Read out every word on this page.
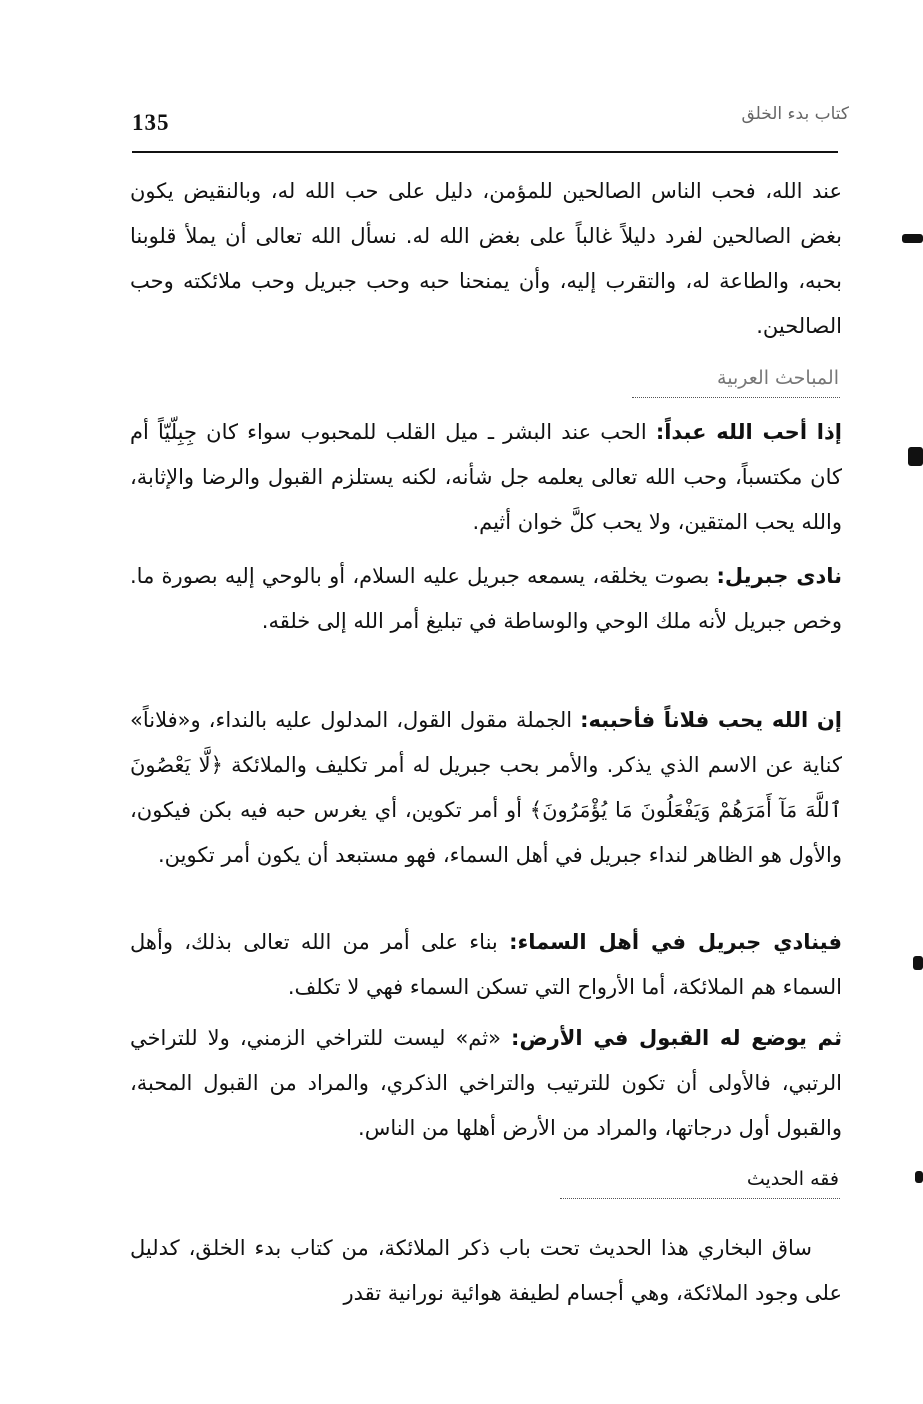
135	كتاب بدء الخلق
عند الله، فحب الناس الصالحين للمؤمن، دليل على حب الله له، وبالنقيض يكون بغض الصالحين لفرد دليلاً غالباً على بغض الله له. نسأل الله تعالى أن يملأ قلوبنا بحبه، والطاعة له، والتقرب إليه، وأن يمنحنا حبه وحب جبريل وحب ملائكته وحب الصالحين.
المباحث العربية
إذا أحب الله عبداً: الحب عند البشر ـ ميل القلب للمحبوب سواء كان جِبِلّيّاً أم كان مكتسباً، وحب الله تعالى يعلمه جل شأنه، لكنه يستلزم القبول والرضا والإثابة، والله يحب المتقين، ولا يحب كلَّ خوان أثيم.
نادى جبريل: بصوت يخلقه، يسمعه جبريل عليه السلام، أو بالوحي إليه بصورة ما. وخص جبريل لأنه ملك الوحي والوساطة في تبليغ أمر الله إلى خلقه.
إن الله يحب فلاناً فأحببه: الجملة مقول القول، المدلول عليه بالنداء، و«فلاناً» كناية عن الاسم الذي يذكر. والأمر بحب جبريل له أمر تكليف والملائكة ﴿لَّا يَعْصُونَ ٱللَّهَ مَآ أَمَرَهُمْ وَيَفْعَلُونَ مَا يُؤْمَرُونَ﴾ أو أمر تكوين، أي يغرس حبه فيه بكن فيكون، والأول هو الظاهر لنداء جبريل في أهل السماء، فهو مستبعد أن يكون أمر تكوين.
فينادي جبريل في أهل السماء: بناء على أمر من الله تعالى بذلك، وأهل السماء هم الملائكة، أما الأرواح التي تسكن السماء فهي لا تكلف.
ثم يوضع له القبول في الأرض: «ثم» ليست للتراخي الزمني، ولا للتراخي الرتبي، فالأولى أن تكون للترتيب والتراخي الذكري، والمراد من القبول المحبة، والقبول أول درجاتها، والمراد من الأرض أهلها من الناس.
فقه الحديث
ساق البخاري هذا الحديث تحت باب ذكر الملائكة، من كتاب بدء الخلق، كدليل على وجود الملائكة، وهي أجسام لطيفة هوائية نورانية تقدر
